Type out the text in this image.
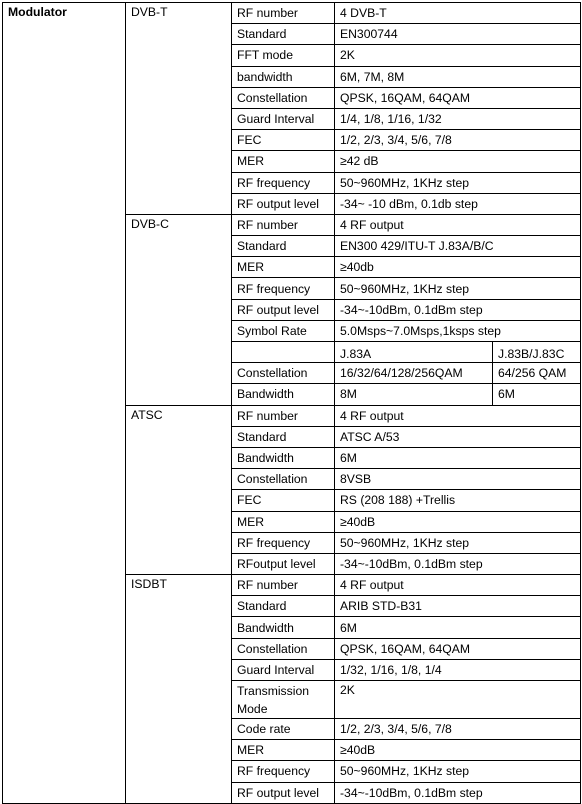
Modulator	DVB-T	RF number	4 DVB-T	
		Standard	EN300744	
		FFT mode	2K	
		bandwidth	6M, 7M, 8M	
		Constellation	QPSK, 16QAM, 64QAM	
		Guard Interval	1/4, 1/8, 1/16, 1/32	
		FEC	1/2, 2/3, 3/4, 5/6, 7/8	
		MER	≥42 dB	
		RF frequency	50~960MHz, 1KHz step	
		RF output level	-34~ -10 dBm, 0.1db step	
	DVB-C	RF number	4 RF output	
		Standard	EN300 429/ITU-T J.83A/B/C	
		MER	≥40db	
		RF frequency	50~960MHz, 1KHz step	
		RF output level	-34~-10dBm, 0.1dBm step	
		Symbol Rate	5.0Msps~7.0Msps,1ksps step	
			J.83A	J.83B/J.83C
		Constellation	16/32/64/128/256QAM	64/256 QAM
		Bandwidth	8M	6M
	ATSC	RF number	4 RF output	
		Standard	ATSC A/53	
		Bandwidth	6M	
		Constellation	8VSB	
		FEC	RS (208 188) +Trellis	
		MER	≥40dB	
		RF frequency	50~960MHz, 1KHz step	
		RFoutput level	-34~-10dBm, 0.1dBm step	
	ISDBT	RF number	4 RF output	
		Standard	ARIB STD-B31	
		Bandwidth	6M	
		Constellation	QPSK, 16QAM, 64QAM	
		Guard Interval	1/32, 1/16, 1/8, 1/4	
		Transmission Mode	2K	
		Code rate	1/2, 2/3, 3/4, 5/6, 7/8	
		MER	≥40dB	
		RF frequency	50~960MHz, 1KHz step	
		RF output level	-34~-10dBm, 0.1dBm step	
